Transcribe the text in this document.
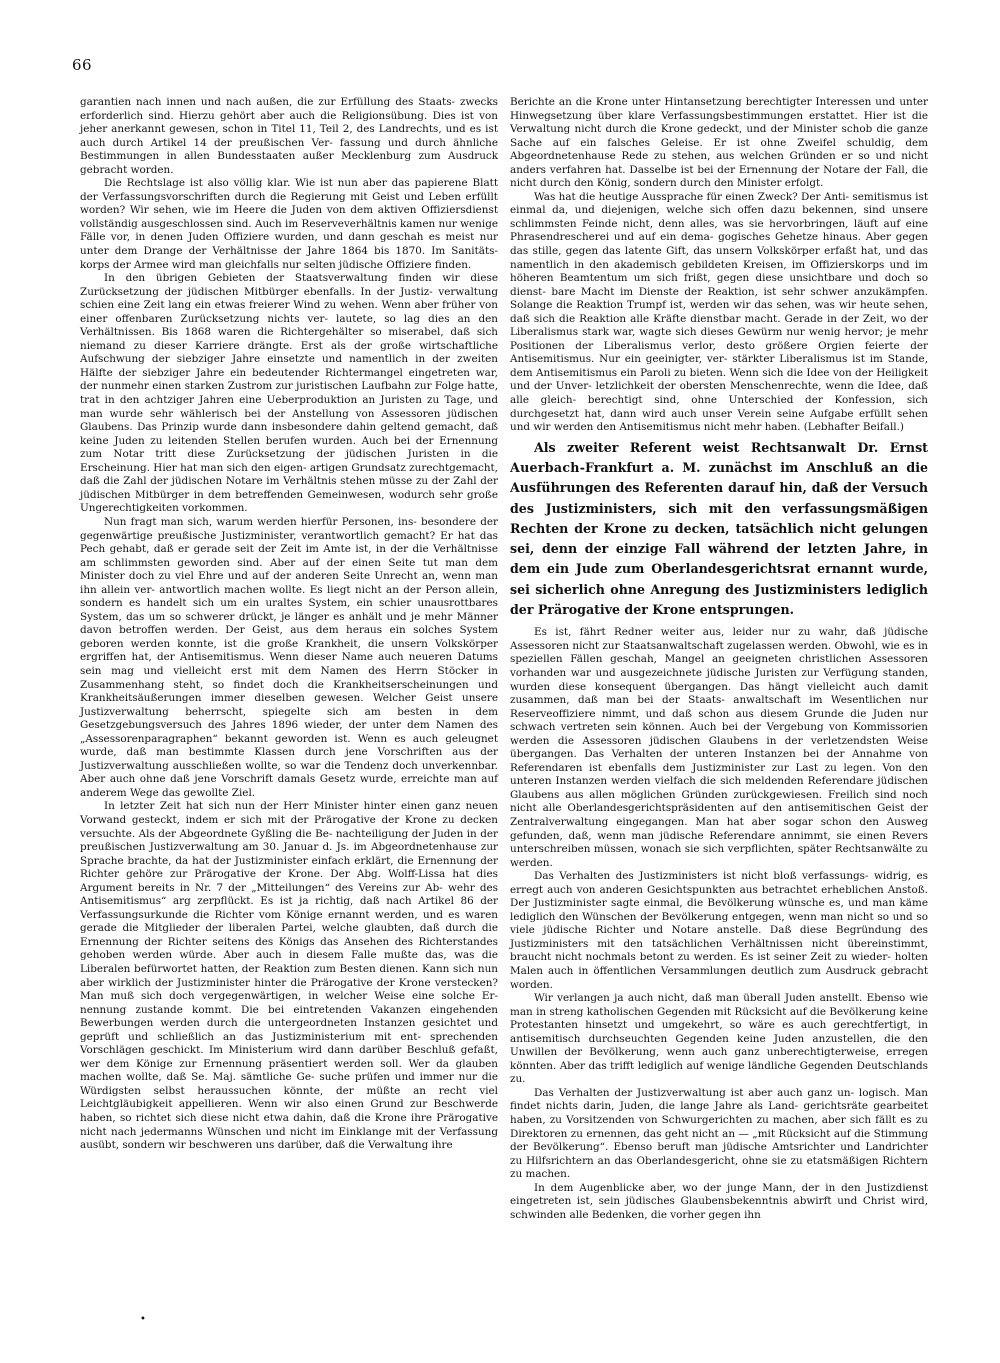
66

garantien nach innen und nach außen, die zur Erfüllung des Staats- zwecks erforderlich sind. Hierzu gehört aber auch die Religionsübung. Dies ist von jeher anerkannt gewesen, schon in Titel 11, Teil 2, des Landrechts, und es ist auch durch Artikel 14 der preußischen Ver- fassung und durch ähnliche Bestimmungen in allen Bundesstaaten außer Mecklenburg zum Ausdruck gebracht worden.

Die Rechtslage ist also völlig klar. Wie ist nun aber das papierene Blatt der Verfassungsvorschriften durch die Regierung mit Geist und Leben erfüllt worden? Wir sehen, wie im Heere die Juden von dem aktiven Offiziersdienst vollständig ausgeschlossen sind. Auch im Reserveverhältnis kamen nur wenige Fälle vor, in denen Juden Offiziere wurden, und dann geschah es meist nur unter dem Drange der Verhältnisse der Jahre 1864 bis 1870. Im Sanitäts- korps der Armee wird man gleichfalls nur selten jüdische Offiziere finden.

In den übrigen Gebieten der Staatsverwaltung finden wir diese Zurücksetzung der jüdischen Mitbürger ebenfalls. In der Justiz- verwaltung schien eine Zeit lang ein etwas freierer Wind zu wehen. Wenn aber früher von einer offenbaren Zurücksetzung nichts ver- lautete, so lag dies an den Verhältnissen. Bis 1868 waren die Richtergehälter so miserabel, daß sich niemand zu dieser Karriere drängte. Erst als der große wirtschaftliche Aufschwung der siebziger Jahre einsetzte und namentlich in der zweiten Hälfte der siebziger Jahre ein bedeutender Richtermangel eingetreten war, der nunmehr einen starken Zustrom zur juristischen Laufbahn zur Folge hatte, trat in den achtziger Jahren eine Ueberproduktion an Juristen zu Tage, und man wurde sehr wählerisch bei der Anstellung von Assessoren jüdischen Glaubens. Das Prinzip wurde dann insbesondere dahin geltend gemacht, daß keine Juden zu leitenden Stellen berufen wurden. Auch bei der Ernennung zum Notar tritt diese Zurücksetzung der jüdischen Juristen in die Erscheinung. Hier hat man sich den eigen- artigen Grundsatz zurechtgemacht, daß die Zahl der jüdischen Notare im Verhältnis stehen müsse zu der Zahl der jüdischen Mitbürger in dem betreffenden Gemeinwesen, wodurch sehr große Ungerechtigkeiten vorkommen.

Nun fragt man sich, warum werden hierfür Personen, ins- besondere der gegenwärtige preußische Justizminister, verantwortlich gemacht? Er hat das Pech gehabt, daß er gerade seit der Zeit im Amte ist, in der die Verhältnisse am schlimmsten geworden sind. Aber auf der einen Seite tut man dem Minister doch zu viel Ehre und auf der anderen Seite Unrecht an, wenn man ihn allein ver- antwortlich machen wollte. Es liegt nicht an der Person allein, sondern es handelt sich um ein uraltes System, ein schier unausrottbares System, das um so schwerer drückt, je länger es anhält und je mehr Männer davon betroffen werden. Der Geist, aus dem heraus ein solches System geboren werden konnte, ist die große Krankheit, die unsern Volkskörper ergriffen hat, der Antisemitismus. Wenn dieser Name auch neueren Datums sein mag und vielleicht erst mit dem Namen des Herrn Stöcker in Zusammenhang steht, so findet doch die Krankheitserscheinungen und Krankheitsäußerungen immer dieselben gewesen. Welcher Geist unsere Justizverwaltung beherrscht, spiegelte sich am besten in dem Gesetzgebungsversuch des Jahres 1896 wieder, der unter dem Namen des „Assessorenparagraphen“ bekannt geworden ist. Wenn es auch geleugnet wurde, daß man bestimmte Klassen durch jene Vorschriften aus der Justizverwaltung ausschließen wollte, so war die Tendenz doch unverkennbar. Aber auch ohne daß jene Vorschrift damals Gesetz wurde, erreichte man auf anderem Wege das gewollte Ziel.

In letzter Zeit hat sich nun der Herr Minister hinter einen ganz neuen Vorwand gesteckt, indem er sich mit der Prärogative der Krone zu decken versuchte. Als der Abgeordnete Gyßling die Be- nachteiligung der Juden in der preußischen Justizverwaltung am 30. Januar d. Js. im Abgeordnetenhause zur Sprache brachte, da hat der Justizminister einfach erklärt, die Ernennung der Richter gehöre zur Prärogative der Krone. Der Abg. Wolff-Lissa hat dies Argument bereits in Nr. 7 der „Mitteilungen“ des Vereins zur Ab- wehr des Antisemitismus“ arg zerpflückt. Es ist ja richtig, daß nach Artikel 86 der Verfassungsurkunde die Richter vom Könige ernannt werden, und es waren gerade die Mitglieder der liberalen Partei, welche glaubten, daß durch die Ernennung der Richter seitens des Königs das Ansehen des Richterstandes gehoben werden würde. Aber auch in diesem Falle mußte das, was die Liberalen befürwortet hatten, der Reaktion zum Besten dienen. Kann sich nun aber wirklich der Justizminister hinter die Prärogative der Krone verstecken? Man muß sich doch vergegenwärtigen, in welcher Weise eine solche Er- nennung zustande kommt. Die bei eintretenden Vakanzen eingehenden Bewerbungen werden durch die untergeordneten Instanzen gesichtet und geprüft und schließlich an das Justizministerium mit ent- sprechenden Vorschlägen geschickt. Im Ministerium wird dann darüber Beschluß gefaßt, wer dem Könige zur Ernennung präsentiert werden soll. Wer da glauben machen wollte, daß Se. Maj. sämtliche Ge- suche prüfen und immer nur die Würdigsten selbst heraussuchen könnte, der müßte an recht viel Leichtgläubigkeit appellieren. Wenn wir also einen Grund zur Beschwerde haben, so richtet sich diese nicht etwa dahin, daß die Krone ihre Prärogative nicht nach jedermanns Wünschen und nicht im Einklange mit der Verfassung ausübt, sondern wir beschweren uns darüber, daß die Verwaltung ihre

Berichte an die Krone unter Hintansetzung berechtigter Interessen und unter Hinwegsetzung über klare Verfassungsbestimmungen erstattet. Hier ist die Verwaltung nicht durch die Krone gedeckt, und der Minister schob die ganze Sache auf ein falsches Geleise. Er ist ohne Zweifel schuldig, dem Abgeordnetenhause Rede zu stehen, aus welchen Gründen er so und nicht anders verfahren hat. Dasselbe ist bei der Ernennung der Notare der Fall, die nicht durch den König, sondern durch den Minister erfolgt.

Was hat die heutige Aussprache für einen Zweck? Der Anti- semitismus ist einmal da, und diejenigen, welche sich offen dazu bekennen, sind unsere schlimmsten Feinde nicht, denn alles, was sie hervorbringen, läuft auf eine Phrasendrescherei und auf ein dema- gogisches Gehetze hinaus. Aber gegen das stille, gegen das latente Gift, das unsern Volkskörper erfaßt hat, und das namentlich in den akademisch gebildeten Kreisen, im Offizierskorps und im höheren Beamtentum um sich frißt, gegen diese unsichtbare und doch so dienst- bare Macht im Dienste der Reaktion, ist sehr schwer anzukämpfen. Solange die Reaktion Trumpf ist, werden wir das sehen, was wir heute sehen, daß sich die Reaktion alle Kräfte dienstbar macht. Gerade in der Zeit, wo der Liberalismus stark war, wagte sich dieses Gewürm nur wenig hervor; je mehr Positionen der Liberalismus verlor, desto größere Orgien feierte der Antisemitismus. Nur ein geeinigter, ver- stärkter Liberalismus ist im Stande, dem Antisemitismus ein Paroli zu bieten. Wenn sich die Idee von der Heiligkeit und der Unver- letzlichkeit der obersten Menschenrechte, wenn die Idee, daß alle gleich- berechtigt sind, ohne Unterschied der Konfession, sich durchgesetzt hat, dann wird auch unser Verein seine Aufgabe erfüllt sehen und wir werden den Antisemitismus nicht mehr haben. (Lebhafter Beifall.)

Als zweiter Referent weist Rechtsanwalt Dr. Ernst Auerbach-Frankfurt a. M. zunächst im Anschluß an die Ausführungen des Referenten darauf hin, daß der Versuch des Justizministers, sich mit den verfassungsmäßigen Rechten der Krone zu decken, tatsächlich nicht gelungen sei, denn der einzige Fall während der letzten Jahre, in dem ein Jude zum Oberlandesgerichtsrat ernannt wurde, sei sicherlich ohne Anregung des Justizministers lediglich der Prärogative der Krone entsprungen.

Es ist, fährt Redner weiter aus, leider nur zu wahr, daß jüdische Assessoren nicht zur Staatsanwaltschaft zugelassen werden. Obwohl, wie es in speziellen Fällen geschah, Mangel an geeigneten christlichen Assessoren vorhanden war und ausgezeichnete jüdische Juristen zur Verfügung standen, wurden diese konsequent übergangen. Das hängt vielleicht auch damit zusammen, daß man bei der Staats- anwaltschaft im Wesentlichen nur Reserveoffiziere nimmt, und daß schon aus diesem Grunde die Juden nur schwach vertreten sein können. Auch bei der Vergebung von Kommissorien werden die Assessoren jüdischen Glaubens in der verletzendsten Weise übergangen. Das Verhalten der unteren Instanzen bei der Annahme von Referendaren ist ebenfalls dem Justizminister zur Last zu legen. Von den unteren Instanzen werden vielfach die sich meldenden Referendare jüdischen Glaubens aus allen möglichen Gründen zurückgewiesen. Freilich sind noch nicht alle Oberlandesgerichtspräsidenten auf den antisemitischen Geist der Zentralverwaltung eingegangen. Man hat aber sogar schon den Ausweg gefunden, daß, wenn man jüdische Referendare annimmt, sie einen Revers unterschreiben müssen, wonach sie sich verpflichten, später Rechtsanwälte zu werden.

Das Verhalten des Justizministers ist nicht bloß verfassungs- widrig, es erregt auch von anderen Gesichtspunkten aus betrachtet erheblichen Anstoß. Der Justizminister sagte einmal, die Bevölkerung wünsche es, und man käme lediglich den Wünschen der Bevölkerung entgegen, wenn man nicht so und so viele jüdische Richter und Notare anstelle. Daß diese Begründung des Justizministers mit den tatsächlichen Verhältnissen nicht übereinstimmt, braucht nicht nochmals betont zu werden. Es ist seiner Zeit zu wieder- holten Malen auch in öffentlichen Versammlungen deutlich zum Ausdruck gebracht worden.

Wir verlangen ja auch nicht, daß man überall Juden anstellt. Ebenso wie man in streng katholischen Gegenden mit Rücksicht auf die Bevölkerung keine Protestanten hinsetzt und umgekehrt, so wäre es auch gerechtfertigt, in antisemitisch durchseuchten Gegenden keine Juden anzustellen, die den Unwillen der Bevölkerung, wenn auch ganz unberechtigterweise, erregen könnten. Aber das trifft lediglich auf wenige ländliche Gegenden Deutschlands zu.

Das Verhalten der Justizverwaltung ist aber auch ganz un- logisch. Man findet nichts darin, Juden, die lange Jahre als Land- gerichtsräte gearbeitet haben, zu Vorsitzenden von Schwurgerichten zu machen, aber sich fällt es zu Direktoren zu ernennen, das geht nicht an — „mit Rücksicht auf die Stimmung der Bevölkerung“. Ebenso beruft man jüdische Amtsrichter und Landrichter zu Hilfsrichtern an das Oberlandesgericht, ohne sie zu etatsmäßigen Richtern zu machen.

In dem Augenblicke aber, wo der junge Mann, der in den Justizdienst eingetreten ist, sein jüdisches Glaubensbekenntnis abwirft und Christ wird, schwinden alle Bedenken, die vorher gegen ihn

•
